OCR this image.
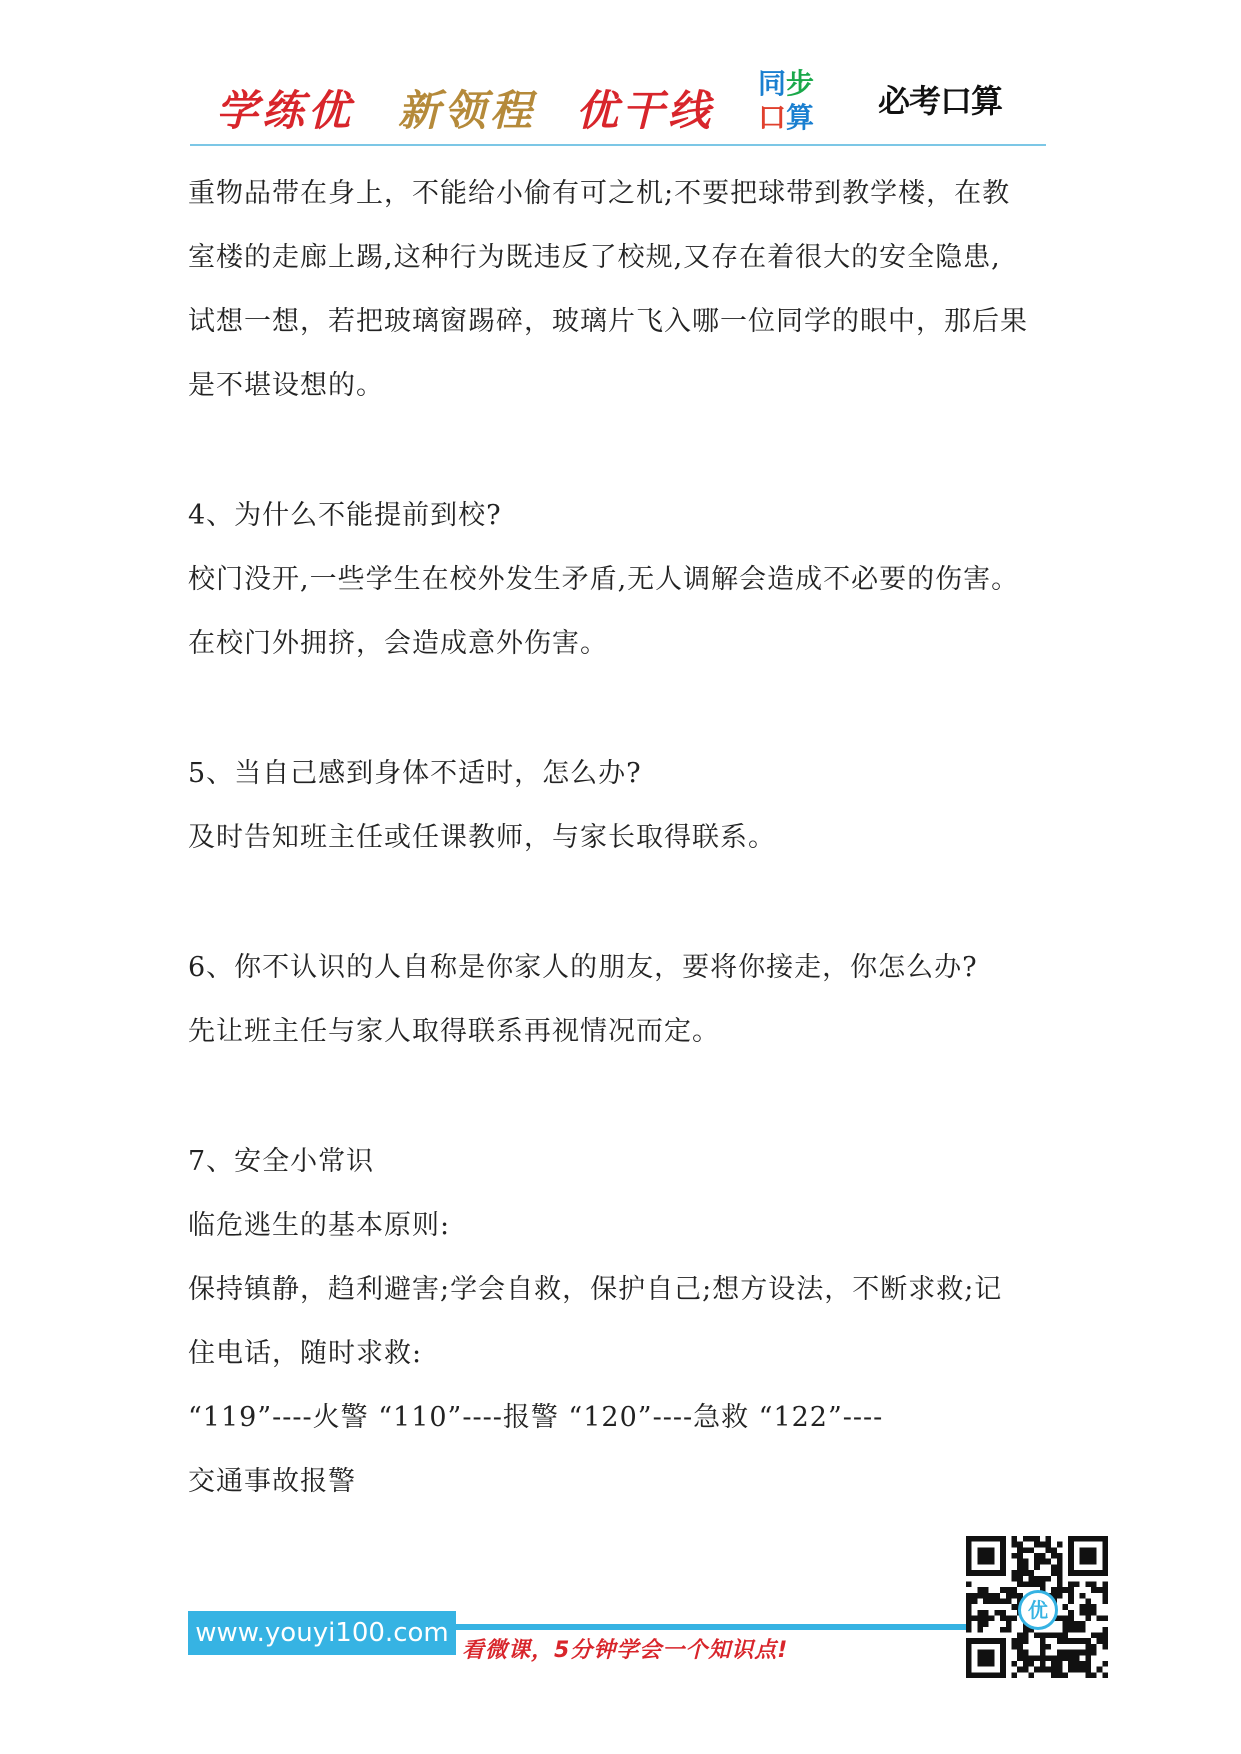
学练优 新领程 优干线
同步
口算 必考口算
重物品带在身上，不能给小偷有可之机;不要把球带到教学楼，在教
室楼的走廊上踢,这种行为既违反了校规,又存在着很大的安全隐患,
试想一想，若把玻璃窗踢碎，玻璃片飞入哪一位同学的眼中，那后果
是不堪设想的。
4、为什么不能提前到校?
校门没开,一些学生在校外发生矛盾,无人调解会造成不必要的伤害。
在校门外拥挤，会造成意外伤害。
5、当自己感到身体不适时，怎么办?
及时告知班主任或任课教师，与家长取得联系。
6、你不认识的人自称是你家人的朋友，要将你接走，你怎么办?
先让班主任与家人取得联系再视情况而定。
7、安全小常识
临危逃生的基本原则:
保持镇静，趋利避害;学会自救，保护自己;想方设法，不断求救;记
住电话，随时求救:
“119”----火警 “110”----报警 “120”----急救 “122”----
交通事故报警
www.youyi100.com
看微课，5分钟学会一个知识点!
优
